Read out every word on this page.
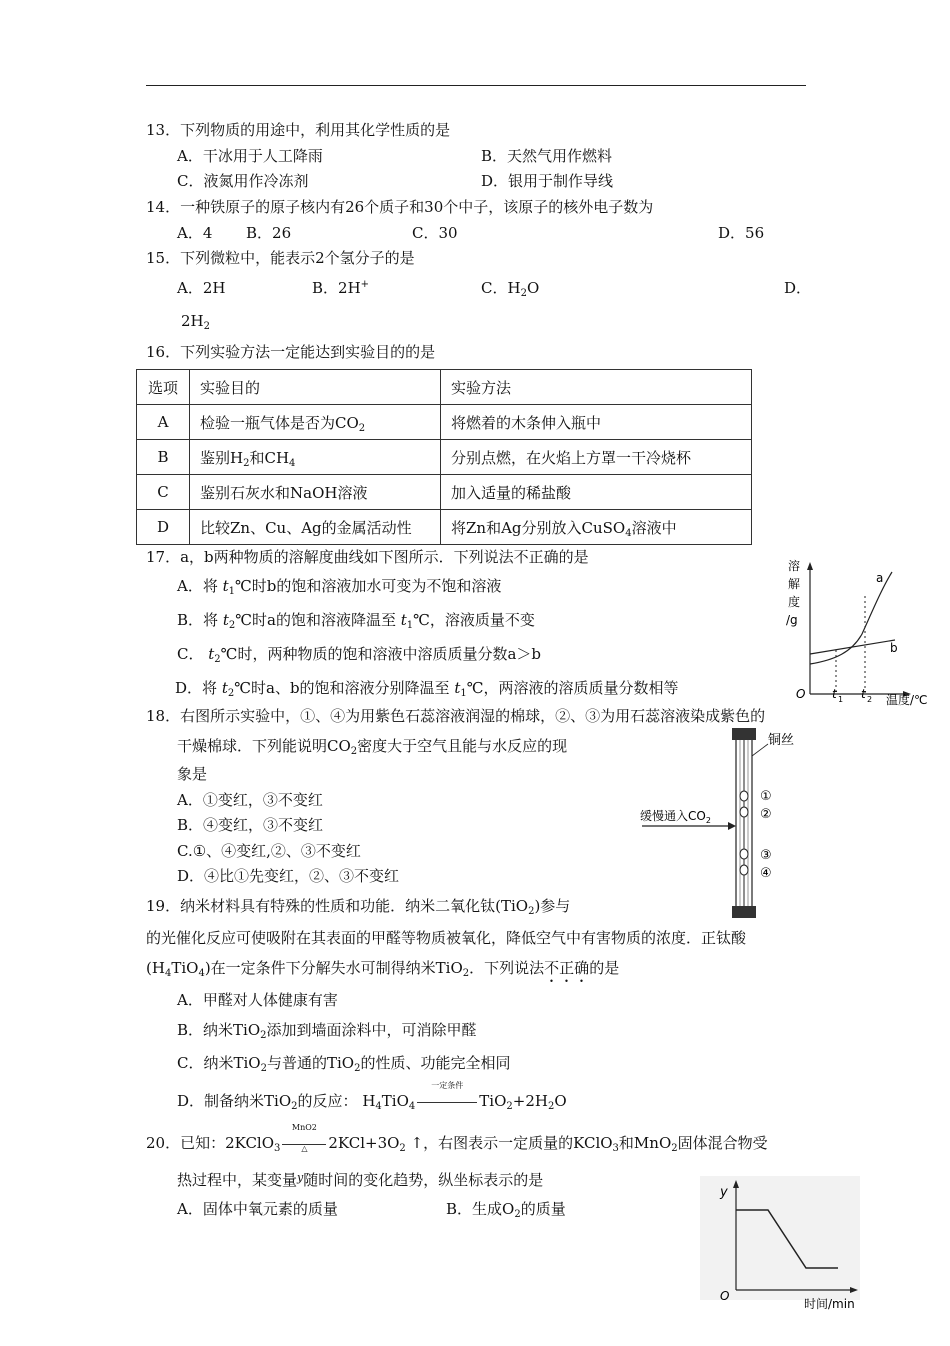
13．下列物质的用途中，利用其化学性质的是
A．干冰用于人工降雨	B．天然气用作燃料
C．液氮用作冷冻剂	D．银用于制作导线
14．一种铁原子的原子核内有26个质子和30个中子，该原子的核外电子数为
A．4 B．26	C．30	D．56
15．下列微粒中，能表示2个氢分子的是
A．2H	B．2H+	C．$H_2O$	D．
$2H_2$
16．下列实验方法一定能达到实验目的的是
选项	实验目的	实验方法
A	检验一瓶气体是否为$CO_2$	将燃着的木条伸入瓶中
B	鉴别$H_2$和$CH_4$	分别点燃，在火焰上方罩一干冷烧杯
C	鉴别石灰水和NaOH溶液	加入适量的稀盐酸
D	比较Zn、Cu、Ag的金属活动性	将Zn和Ag分别放入CuSO$_4$溶液中
17．a，b两种物质的溶解度曲线如下图所示．下列说法不正确的是
A．将 $t_1℃$时b的饱和溶液加水可变为不饱和溶液
B．将 $t_2℃$时a的饱和溶液降温至 $t_1℃$，溶液质量不变
C． $t_2℃$时，两种物质的饱和溶液中溶质质量分数a＞b
D．将 $t_2℃$时a、b的饱和溶液分别降温至 $t_1℃$，两溶液的溶质质量分数相等
溶
解
度
/g
a
b
O t 1 t 2 温度/℃
18．右图所示实验中，①、④为用紫色石蕊溶液润湿的棉球，②、③为用石蕊溶液染成紫色的
干燥棉球．下列能说明$CO_2$密度大于空气且能与水反应的现
象是
A．①变红，③不变红
B．④变红，③不变红
C.①、④变红,②、③不变红
D．④比①先变红，②、③不变红
铜丝
缓慢通入$CO_2$
①
②
③
④
19．纳米材料具有特殊的性质和功能．纳米二氧化钛(TiO$_2$)参与
的光催化反应可使吸附在其表面的甲醛等物质被氧化，降低空气中有害物质的浓度．正钛酸
$(H_4TiO_4)$在一定条件下分解失水可制得纳米TiO$_2$．下列说法不正确的是
A．甲醛对人体健康有害
B．纳米TiO$_2$添加到墙面涂料中，可消除甲醛
C．纳米TiO$_2$与普通的TiO$_2$的性质、功能完全相同
D．制备纳米TiO$_2$的反应： $H_4TiO_4$
一定条件
$TiO_2+2H_2O$
20．已知：2KClO$_3$
MnO2
△	$2KCl+3O_2$ ↑，右图表示一定质量的KClO$_3$和MnO$_2$固体混合物受
热过程中，某变量$^y$随时间的变化趋势，纵坐标表示的是
A．固体中氧元素的质量	B．生成$O_2$的质量
y
O
时间/min
